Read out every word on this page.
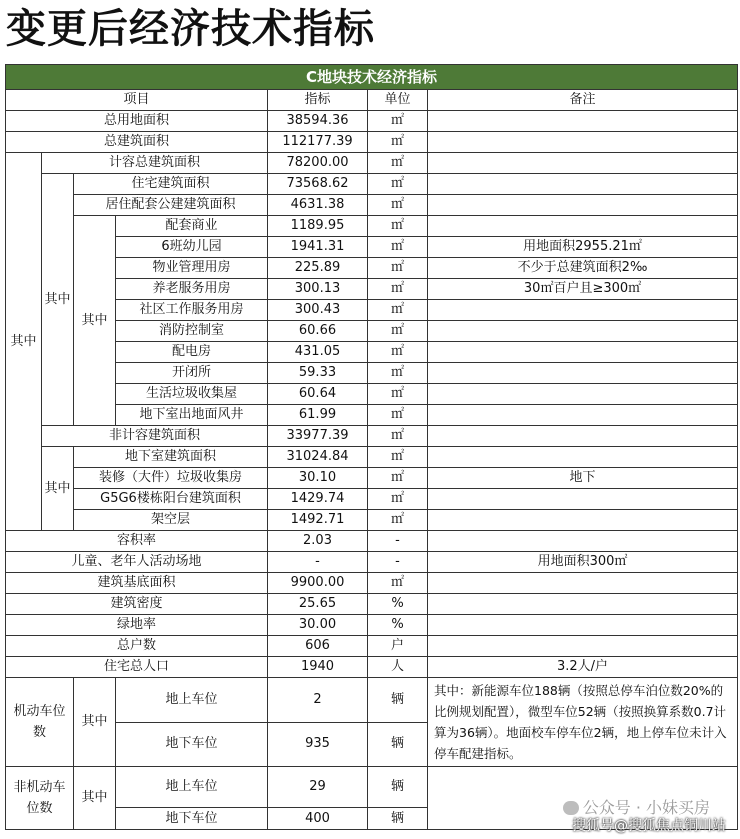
变更后经济技术指标
C地块技术经济指标						
项目				指标	单位	备注
总用地面积				38594.36	㎡	
总建筑面积				112177.39	㎡	
其中	计容总建筑面积			78200.00	㎡	
	其中	住宅建筑面积		73568.62	㎡	
		居住配套公建建筑面积		4631.38	㎡	
		其中	配套商业	1189.95	㎡	
			6班幼儿园	1941.31	㎡	用地面积2955.21㎡
			物业管理用房	225.89	㎡	不少于总建筑面积2‰
			养老服务用房	300.13	㎡	30㎡百户且≥300㎡
			社区工作服务用房	300.43	㎡	
			消防控制室	60.66	㎡	
			配电房	431.05	㎡	
			开闭所	59.33	㎡	
			生活垃圾收集屋	60.64	㎡	
			地下室出地面风井	61.99	㎡	
	非计容建筑面积			33977.39	㎡	
	其中	地下室建筑面积		31024.84	㎡	
		装修（大件）垃圾收集房		30.10	㎡	地下
		G5G6楼栋阳台建筑面积		1429.74	㎡	
		架空层		1492.71	㎡	
容积率				2.03	-	
儿童、老年人活动场地				-	-	用地面积300㎡
建筑基底面积				9900.00	㎡	
建筑密度				25.65	%	
绿地率				30.00	%	
总户数				606	户	
住宅总人口				1940	人	3.2人/户
机动车位数		其中	地上车位	2	辆	其中：新能源车位188辆（按照总停车泊位数20%的比例规划配置），微型车位52辆（按照换算系数0.7计算为36辆）。地面校车停车位2辆，地上停车位未计入停车配建指标。
			地下车位	935	辆	
非机动车位数		其中	地上车位	29	辆	
			地下车位	400	辆	
公众号 · 小妹买房
搜狐号@搜狐焦点铜川站
